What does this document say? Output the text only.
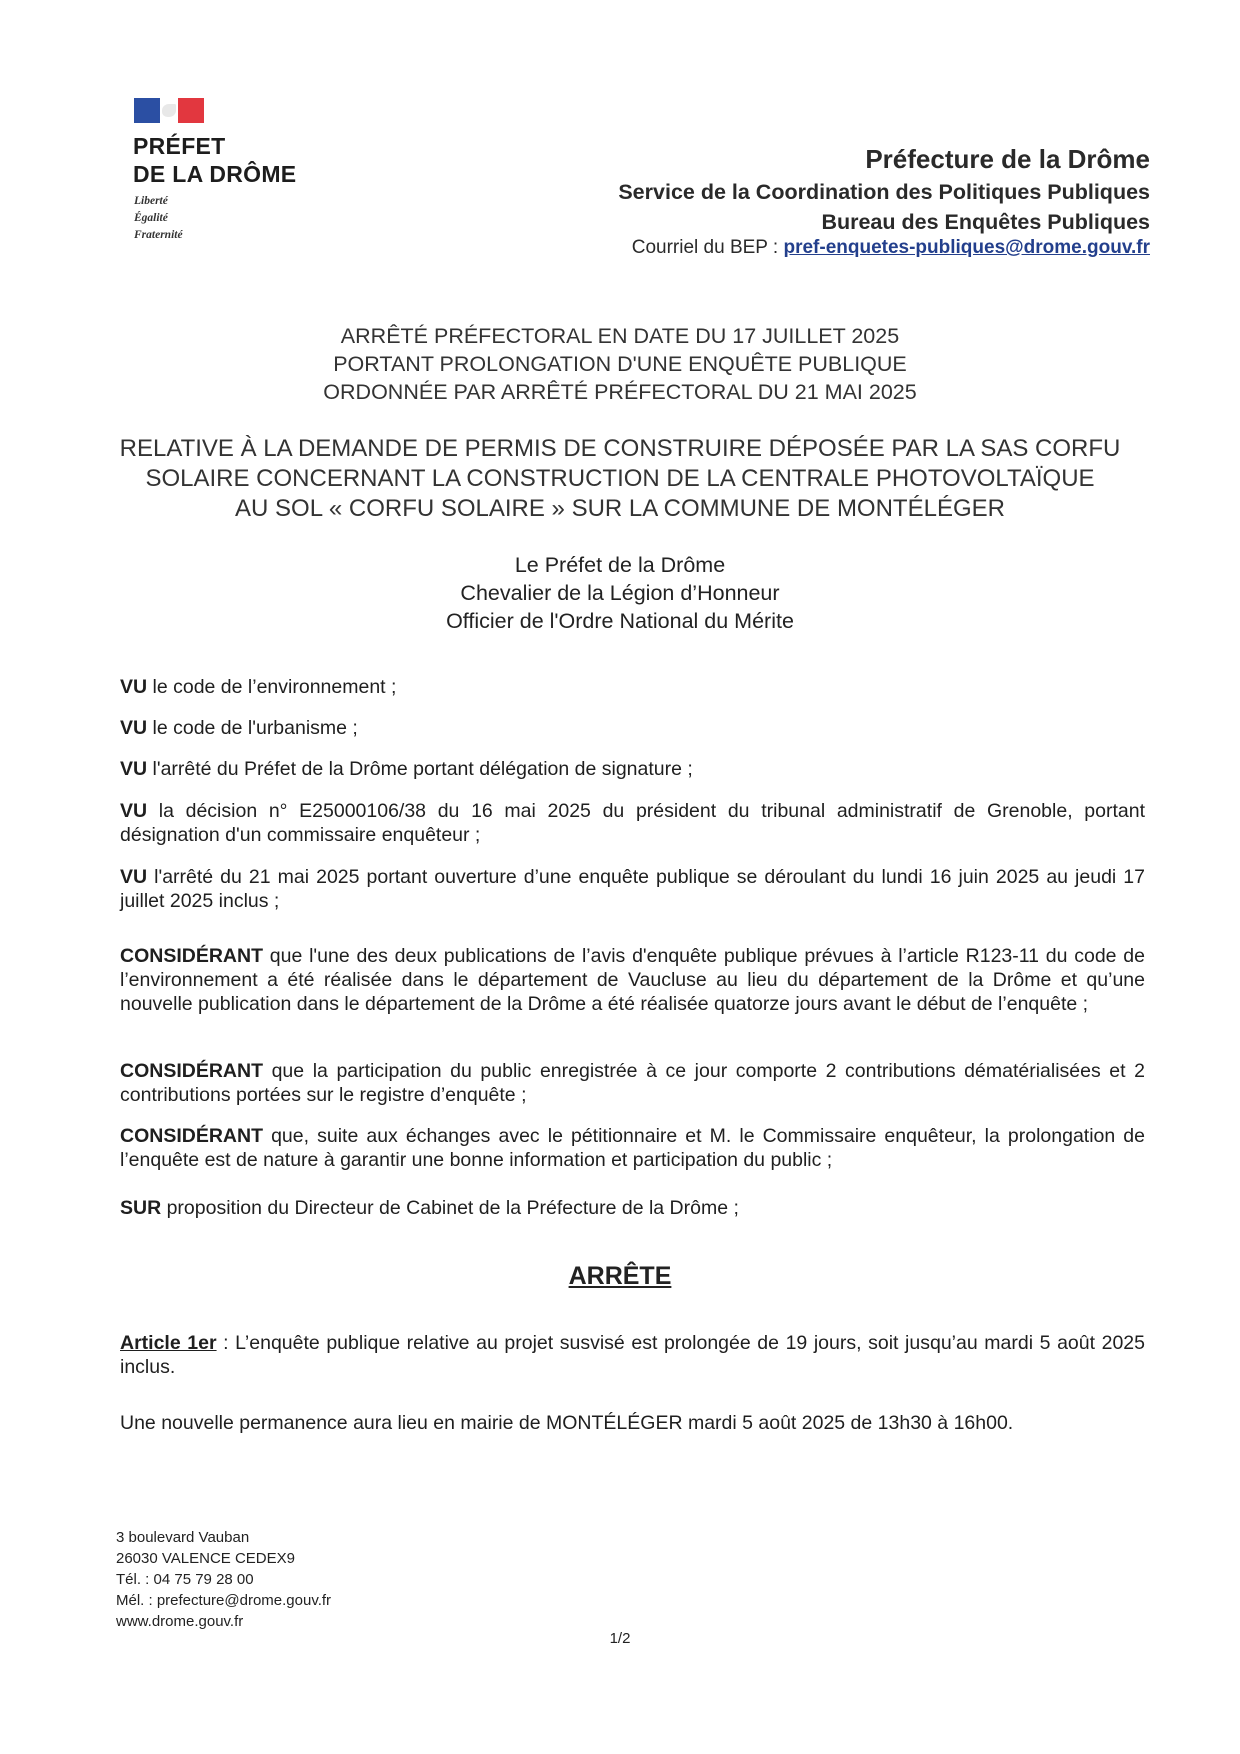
PRÉFET
DE LA DRÔME
Liberté
Égalité
Fraternité
Préfecture de la Drôme
Service de la Coordination des Politiques Publiques
Bureau des Enquêtes Publiques
Courriel du BEP : pref-enquetes-publiques@drome.gouv.fr
ARRÊTÉ PRÉFECTORAL EN DATE DU 17 JUILLET 2025
PORTANT PROLONGATION D'UNE ENQUÊTE PUBLIQUE
ORDONNÉE PAR ARRÊTÉ PRÉFECTORAL DU 21 MAI 2025
RELATIVE À LA DEMANDE DE PERMIS DE CONSTRUIRE DÉPOSÉE PAR LA SAS CORFU
SOLAIRE CONCERNANT LA CONSTRUCTION DE LA CENTRALE PHOTOVOLTAÏQUE
AU SOL « CORFU SOLAIRE » SUR LA COMMUNE DE MONTÉLÉGER
Le Préfet de la Drôme
Chevalier de la Légion d’Honneur
Officier de l'Ordre National du Mérite
VU le code de l’environnement ;
VU le code de l'urbanisme ;
VU l'arrêté du Préfet de la Drôme portant délégation de signature ;
VU la décision n° E25000106/38 du 16 mai 2025 du président du tribunal administratif de Grenoble, portant désignation d'un commissaire enquêteur ;
VU l'arrêté du 21 mai 2025 portant ouverture d’une enquête publique se déroulant du lundi 16 juin 2025 au jeudi 17 juillet 2025 inclus ;
CONSIDÉRANT que l'une des deux publications de l’avis d'enquête publique prévues à l’article R123-11 du code de l’environnement a été réalisée dans le département de Vaucluse au lieu du département de la Drôme et qu’une nouvelle publication dans le département de la Drôme a été réalisée quatorze jours avant le début de l’enquête ;
CONSIDÉRANT que la participation du public enregistrée à ce jour comporte 2 contributions dématérialisées et 2 contributions portées sur le registre d’enquête ;
CONSIDÉRANT que, suite aux échanges avec le pétitionnaire et M. le Commissaire enquêteur, la prolongation de l’enquête est de nature à garantir une bonne information et participation du public ;
SUR proposition du Directeur de Cabinet de la Préfecture de la Drôme ;
ARRÊTE
Article 1er : L’enquête publique relative au projet susvisé est prolongée de 19 jours, soit jusqu’au mardi 5 août 2025 inclus.
Une nouvelle permanence aura lieu en mairie de MONTÉLÉGER mardi 5 août 2025 de 13h30 à 16h00.
3 boulevard Vauban
26030 VALENCE CEDEX9
Tél. : 04 75 79 28 00
Mél. : prefecture@drome.gouv.fr
www.drome.gouv.fr
1/2
